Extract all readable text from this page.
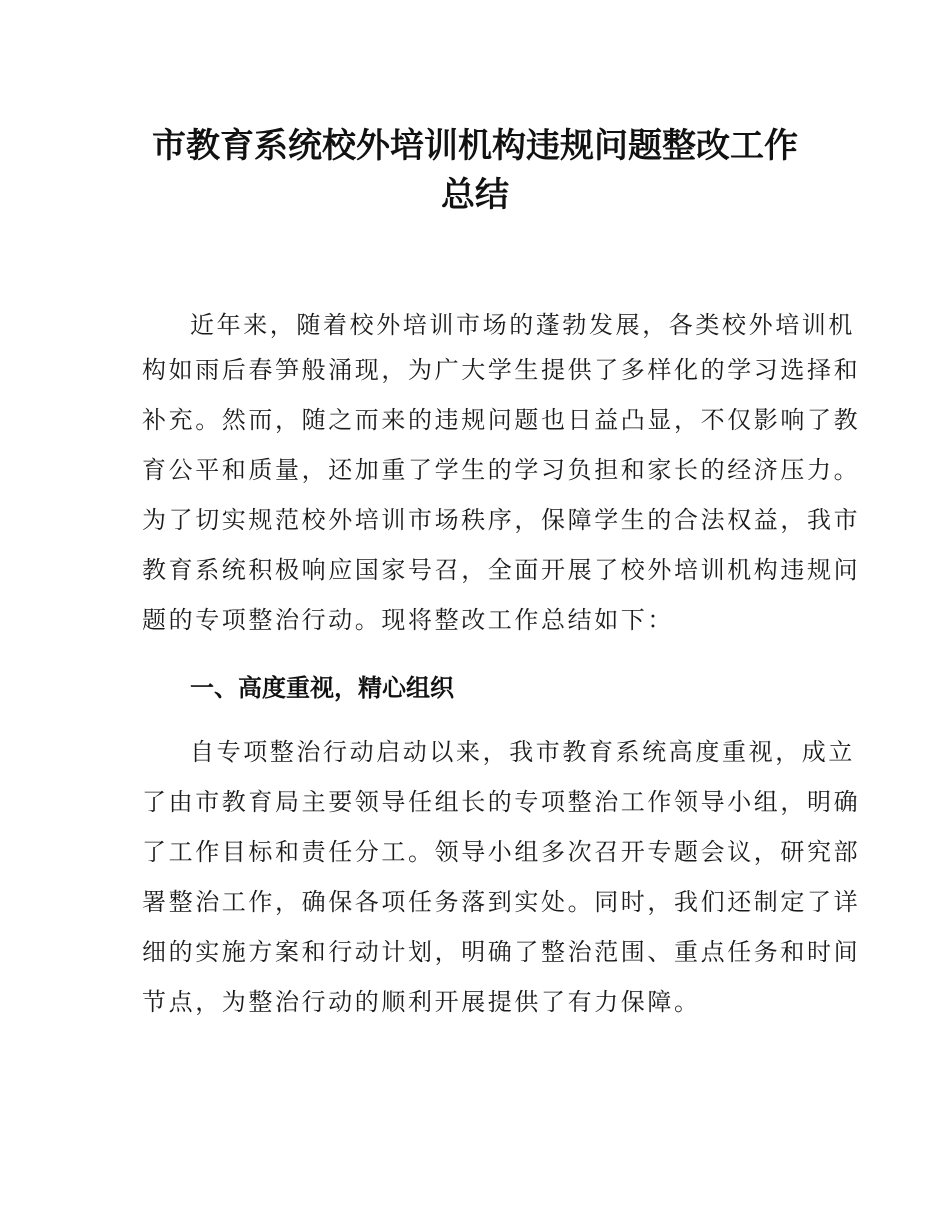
市教育系统校外培训机构违规问题整改工作
总结
近年来，随着校外培训市场的蓬勃发展，各类校外培训机
构如雨后春笋般涌现，为广大学生提供了多样化的学习选择和
补充。然而，随之而来的违规问题也日益凸显，不仅影响了教
育公平和质量，还加重了学生的学习负担和家长的经济压力。
为了切实规范校外培训市场秩序，保障学生的合法权益，我市
教育系统积极响应国家号召，全面开展了校外培训机构违规问
题的专项整治行动。现将整改工作总结如下：
一、高度重视，精心组织
自专项整治行动启动以来，我市教育系统高度重视，成立
了由市教育局主要领导任组长的专项整治工作领导小组，明确
了工作目标和责任分工。领导小组多次召开专题会议，研究部
署整治工作，确保各项任务落到实处。同时，我们还制定了详
细的实施方案和行动计划，明确了整治范围、重点任务和时间
节点，为整治行动的顺利开展提供了有力保障。
